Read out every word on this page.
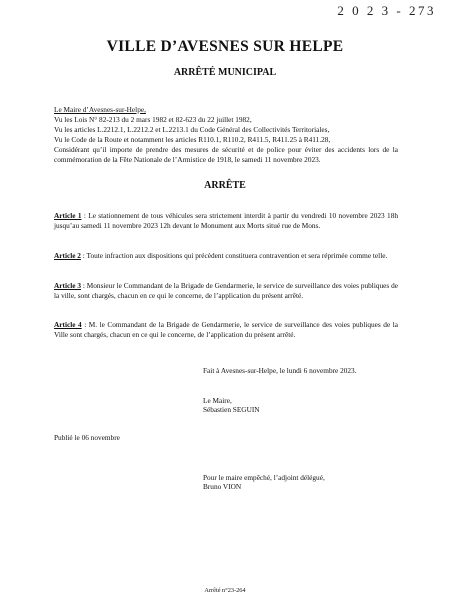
2 0 2 3 - 273
VILLE D’AVESNES SUR HELPE
ARRÊTÉ MUNICIPAL

Le Maire d’Avesnes-sur-Helpe,

Vu les Lois N° 82-213 du 2 mars 1982 et 82-623 du 22 juillet 1982,

Vu les articles L.2212.1, L.2212.2 et L.2213.1 du Code Général des Collectivités Territoriales,

Vu le Code de la Route et notamment les articles R110.1, R110.2, R411.5, R411.25 à R411.28,

Considérant qu’il importe de prendre des mesures de sécurité et de police pour éviter des accidents lors de la commémoration de la Fête Nationale de l’Armistice de 1918, le samedi 11 novembre 2023.

ARRÊTE

Article 1 : Le stationnement de tous véhicules sera strictement interdit à partir du vendredi 10 novembre 2023 18h jusqu’au samedi 11 novembre 2023 12h devant le Monument aux Morts situé rue de Mons.

Article 2 : Toute infraction aux dispositions qui précèdent constituera contravention et sera réprimée comme telle.

Article 3 : Monsieur le Commandant de la Brigade de Gendarmerie, le service de surveillance des voies publiques de la ville, sont chargés, chacun en ce qui le concerne, de l’application du présent arrêté.

Article 4 : M. le Commandant de la Brigade de Gendarmerie, le service de surveillance des voies publiques de la Ville sont chargés, chacun en ce qui le concerne, de l’application du présent arrêté.

Fait à Avesnes-sur-Helpe, le lundi 6 novembre 2023.
Le Maire,
Sébastien SEGUIN
Publié le 06 novembre
Pour le maire empêché, l’adjoint délégué,
Bruno VION
Arrêté n°23-264
